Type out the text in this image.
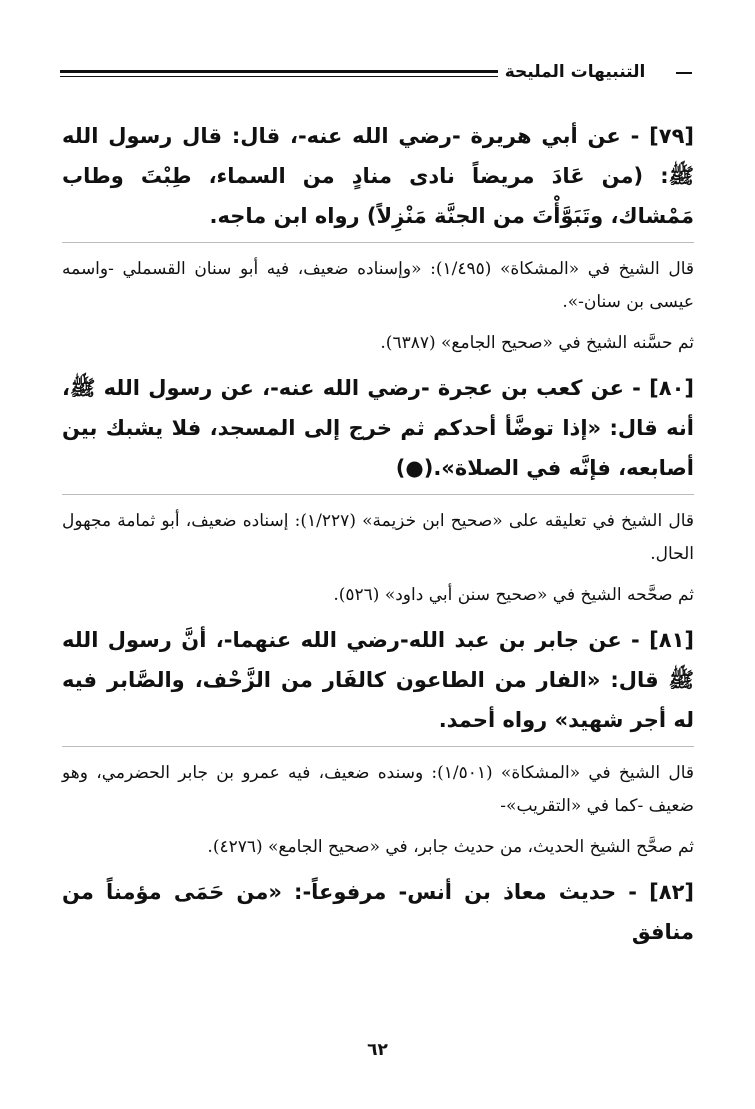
التنبيهات المليحة

[٧٩] - عن أبي هريرة -رضي الله عنه-، قال: قال رسول الله ﷺ: (من عَادَ مريضاً نادى منادٍ من السماء، طِبْتَ وطاب مَمْشاك، وتَبَوَّأْتَ من الجنَّة مَنْزِلاً) رواه ابن ماجه.

قال الشيخ في «المشكاة» (١/٤٩٥): «وإسناده ضعيف، فيه أبو سنان القسملي -واسمه عيسى بن سنان-».

ثم حسَّنه الشيخ في «صحيح الجامع» (٦٣٨٧).

[٨٠] - عن كعب بن عجرة -رضي الله عنه-، عن رسول الله ﷺ، أنه قال: «إذا توضَّأ أحدكم ثم خرج إلى المسجد، فلا يشبك بين أصابعه، فإنَّه في الصلاة».(●)

قال الشيخ في تعليقه على «صحيح ابن خزيمة» (١/٢٢٧): إسناده ضعيف، أبو ثمامة مجهول الحال.

ثم صحَّحه الشيخ في «صحيح سنن أبي داود» (٥٢٦).

[٨١] - عن جابر بن عبد الله-رضي الله عنهما-، أنَّ رسول الله ﷺ قال: «الفار من الطاعون كالفَار من الزَّحْف، والصَّابر فيه له أجر شهيد» رواه أحمد.

قال الشيخ في «المشكاة» (١/٥٠١): وسنده ضعيف، فيه عمرو بن جابر الحضرمي، وهو ضعيف -كما في «التقريب»-

ثم صحَّح الشيخ الحديث، من حديث جابر، في «صحيح الجامع» (٤٢٧٦).

[٨٢] - حديث معاذ بن أنس- مرفوعاً-: «من حَمَى مؤمناً من منافق

٦٢
